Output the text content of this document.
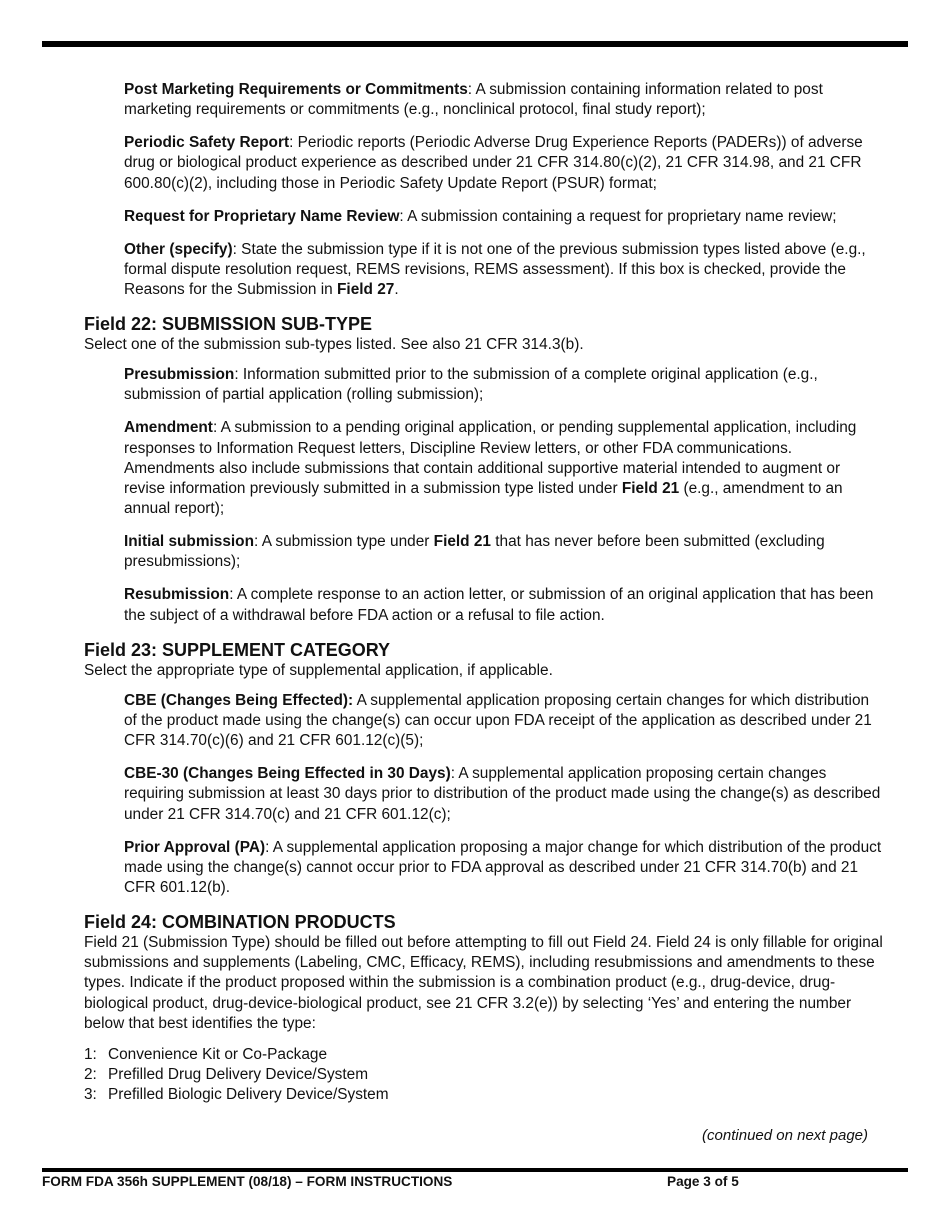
Post Marketing Requirements or Commitments: A submission containing information related to post marketing requirements or commitments (e.g., nonclinical protocol, final study report);

Periodic Safety Report: Periodic reports (Periodic Adverse Drug Experience Reports (PADERs)) of adverse drug or biological product experience as described under 21 CFR 314.80(c)(2), 21 CFR 314.98, and 21 CFR 600.80(c)(2), including those in Periodic Safety Update Report (PSUR) format;

Request for Proprietary Name Review: A submission containing a request for proprietary name review;

Other (specify): State the submission type if it is not one of the previous submission types listed above (e.g., formal dispute resolution request, REMS revisions, REMS assessment). If this box is checked, provide the Reasons for the Submission in Field 27.

Field 22: SUBMISSION SUB-TYPE

Select one of the submission sub-types listed. See also 21 CFR 314.3(b).

Presubmission: Information submitted prior to the submission of a complete original application (e.g., submission of partial application (rolling submission);

Amendment: A submission to a pending original application, or pending supplemental application, including responses to Information Request letters, Discipline Review letters, or other FDA communications. Amendments also include submissions that contain additional supportive material intended to augment or revise information previously submitted in a submission type listed under Field 21 (e.g., amendment to an annual report);

Initial submission: A submission type under Field 21 that has never before been submitted (excluding presubmissions);

Resubmission: A complete response to an action letter, or submission of an original application that has been the subject of a withdrawal before FDA action or a refusal to file action.

Field 23: SUPPLEMENT CATEGORY

Select the appropriate type of supplemental application, if applicable.

CBE (Changes Being Effected): A supplemental application proposing certain changes for which distribution of the product made using the change(s) can occur upon FDA receipt of the application as described under 21 CFR 314.70(c)(6) and 21 CFR 601.12(c)(5);

CBE-30 (Changes Being Effected in 30 Days): A supplemental application proposing certain changes requiring submission at least 30 days prior to distribution of the product made using the change(s) as described under 21 CFR 314.70(c) and 21 CFR 601.12(c);

Prior Approval (PA): A supplemental application proposing a major change for which distribution of the product made using the change(s) cannot occur prior to FDA approval as described under 21 CFR 314.70(b) and 21 CFR 601.12(b).

Field 24: COMBINATION PRODUCTS

Field 21 (Submission Type) should be filled out before attempting to fill out Field 24. Field 24 is only fillable for original submissions and supplements (Labeling, CMC, Efficacy, REMS), including resubmissions and amendments to these types. Indicate if the product proposed within the submission is a combination product (e.g., drug-device, drug-biological product, drug-device-biological product, see 21 CFR 3.2(e)) by selecting ‘Yes’ and entering the number below that best identifies the type:

1: Convenience Kit or Co-Package
2: Prefilled Drug Delivery Device/System
3: Prefilled Biologic Delivery Device/System
(continued on next page)
FORM FDA 356h SUPPLEMENT (08/18) – FORM INSTRUCTIONS	Page 3 of 5
